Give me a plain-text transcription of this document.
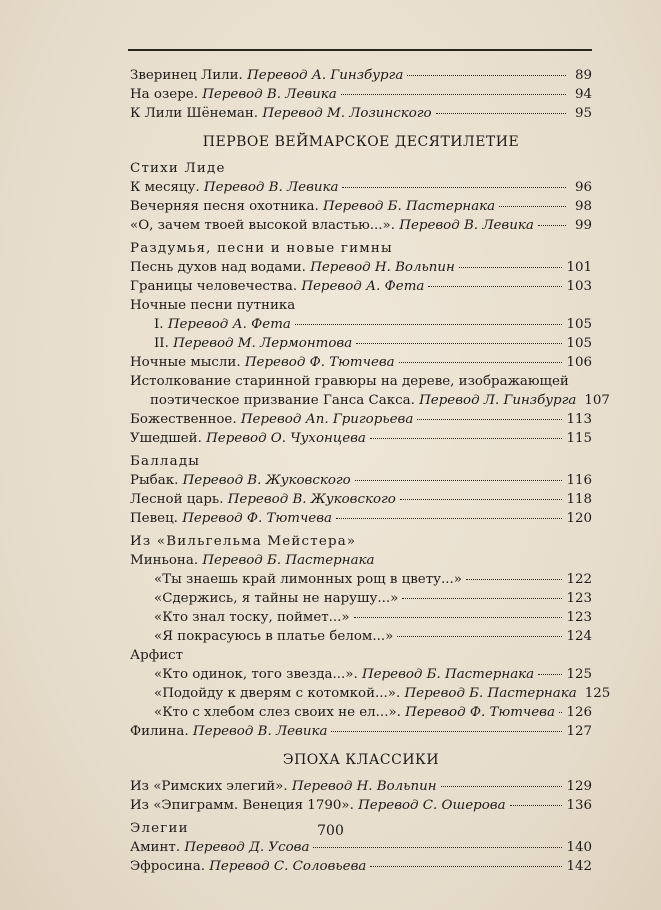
Зверинец Лили. Перевод А. Гинзбурга	89
На озере. Перевод В. Левика	94
К Лили Шёнеман. Перевод М. Лозинского	95
ПЕРВОЕ ВЕЙМАРСКОЕ ДЕСЯТИЛЕТИЕ
Стихи Лиде
К месяцу. Перевод В. Левика	96
Вечерняя песня охотника. Перевод Б. Пастернака	98
«О, зачем твоей высокой властью...». Перевод В. Левика	99
Раздумья, песни и новые гимны
Песнь духов над водами. Перевод Н. Вольпин	101
Границы человечества. Перевод А. Фета	103
Ночные песни путника
I. Перевод А. Фета	105
II. Перевод М. Лермонтова	105
Ночные мысли. Перевод Ф. Тютчева	106
Истолкование старинной гравюры на дереве, изображающей
поэтическое призвание Ганса Сакса. Перевод Л. Гинзбурга 107
Божественное. Перевод Ап. Григорьева	113
Ушедшей. Перевод О. Чухонцева	115
Баллады
Рыбак. Перевод В. Жуковского	116
Лесной царь. Перевод В. Жуковского	118
Певец. Перевод Ф. Тютчева	120
Из «Вильгельма Мейстера»
Миньона. Перевод Б. Пастернака
«Ты знаешь край лимонных рощ в цвету...»	122
«Сдержись, я тайны не нарушу...»	123
«Кто знал тоску, поймет...»	123
«Я покрасуюсь в платье белом...»	124
Арфист
«Кто одинок, того звезда...». Перевод Б. Пастернака 125
«Подойду к дверям с котомкой...». Перевод Б. Пастернака 125
«Кто с хлебом слез своих не ел...». Перевод Ф. Тютчева 126
Филина. Перевод В. Левика	127
ЭПОХА КЛАССИКИ
Из «Римских элегий». Перевод Н. Вольпин	129
Из «Эпиграмм. Венеция 1790». Перевод С. Ошерова	136
Элегии
Аминт. Перевод Д. Усова	140
Эфросина. Перевод С. Соловьева	142
700
